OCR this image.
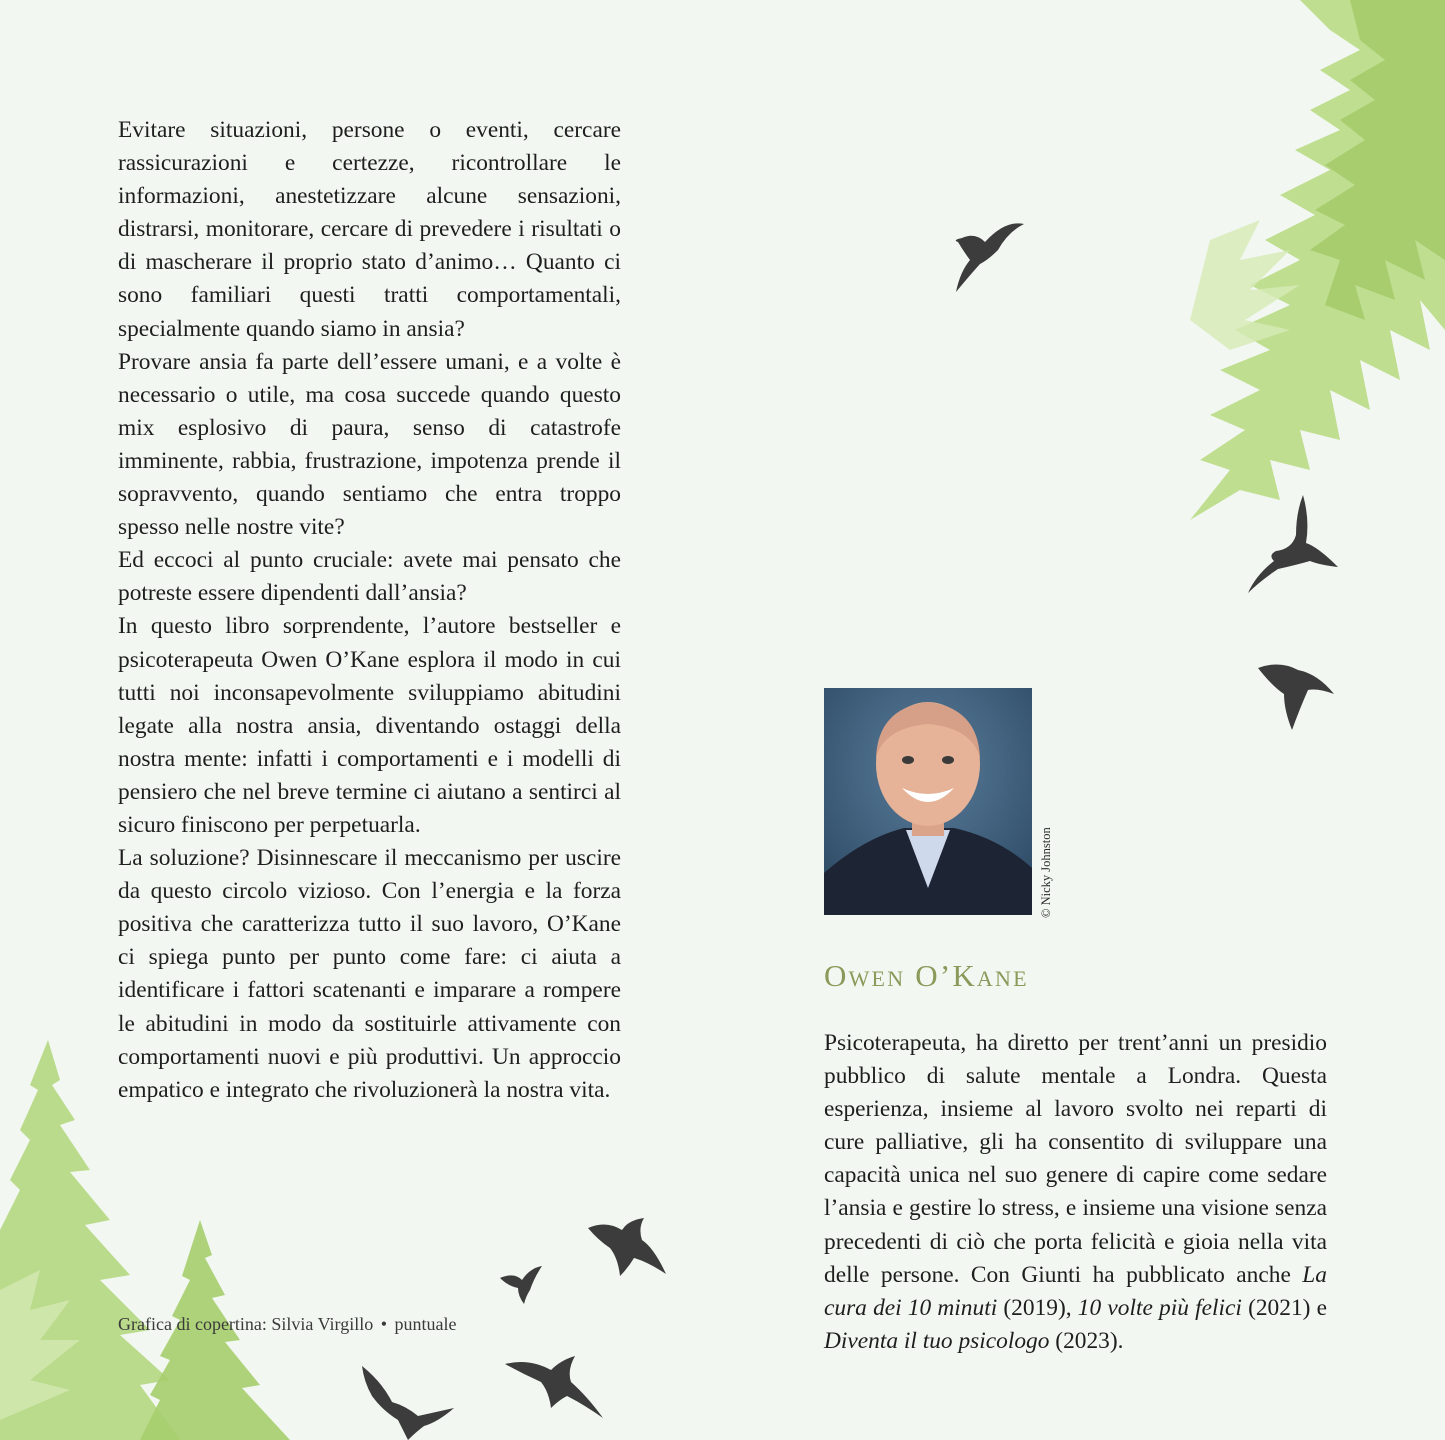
Evitare situazioni, persone o eventi, cercare rassicurazioni e certezze, ricontrollare le informazioni, anestetizzare alcune sensazioni, distrarsi, monitorare, cercare di prevedere i risultati o di mascherare il proprio stato d’animo… Quanto ci sono familiari questi tratti comportamentali, specialmente quando siamo in ansia?

Provare ansia fa parte dell’essere umani, e a volte è necessario o utile, ma cosa succede quando questo mix esplosivo di paura, senso di catastrofe imminente, rabbia, frustrazione, impotenza prende il sopravvento, quando sentiamo che entra troppo spesso nelle nostre vite?

Ed eccoci al punto cruciale: avete mai pensato che potreste essere dipendenti dall’ansia?

In questo libro sorprendente, l’autore bestseller e psicoterapeuta Owen O’Kane esplora il modo in cui tutti noi inconsapevolmente sviluppiamo abitudini legate alla nostra ansia, diventando ostaggi della nostra mente: infatti i comportamenti e i modelli di pensiero che nel breve termine ci aiutano a sentirci al sicuro finiscono per perpetuarla.

La soluzione? Disinnescare il meccanismo per uscire da questo circolo vizioso. Con l’energia e la forza positiva che caratterizza tutto il suo lavoro, O’Kane ci spiega punto per punto come fare: ci aiuta a identificare i fattori scatenanti e imparare a rompere le abitudini in modo da sostituirle attivamente con comportamenti nuovi e più produttivi. Un approccio empatico e integrato che rivoluzionerà la nostra vita.

Grafica di copertina: Silvia Virgillo • puntuale
© Nicky Johnston
Owen O’Kane

Psicoterapeuta, ha diretto per trent’anni un presidio pubblico di salute mentale a Londra. Questa esperienza, insieme al lavoro svolto nei reparti di cure palliative, gli ha consentito di sviluppare una capacità unica nel suo genere di capire come sedare l’ansia e gestire lo stress, e insieme una visione senza precedenti di ciò che porta felicità e gioia nella vita delle persone. Con Giunti ha pubblicato anche La cura dei 10 minuti (2019), 10 volte più felici (2021) e Diventa il tuo psicologo (2023).
